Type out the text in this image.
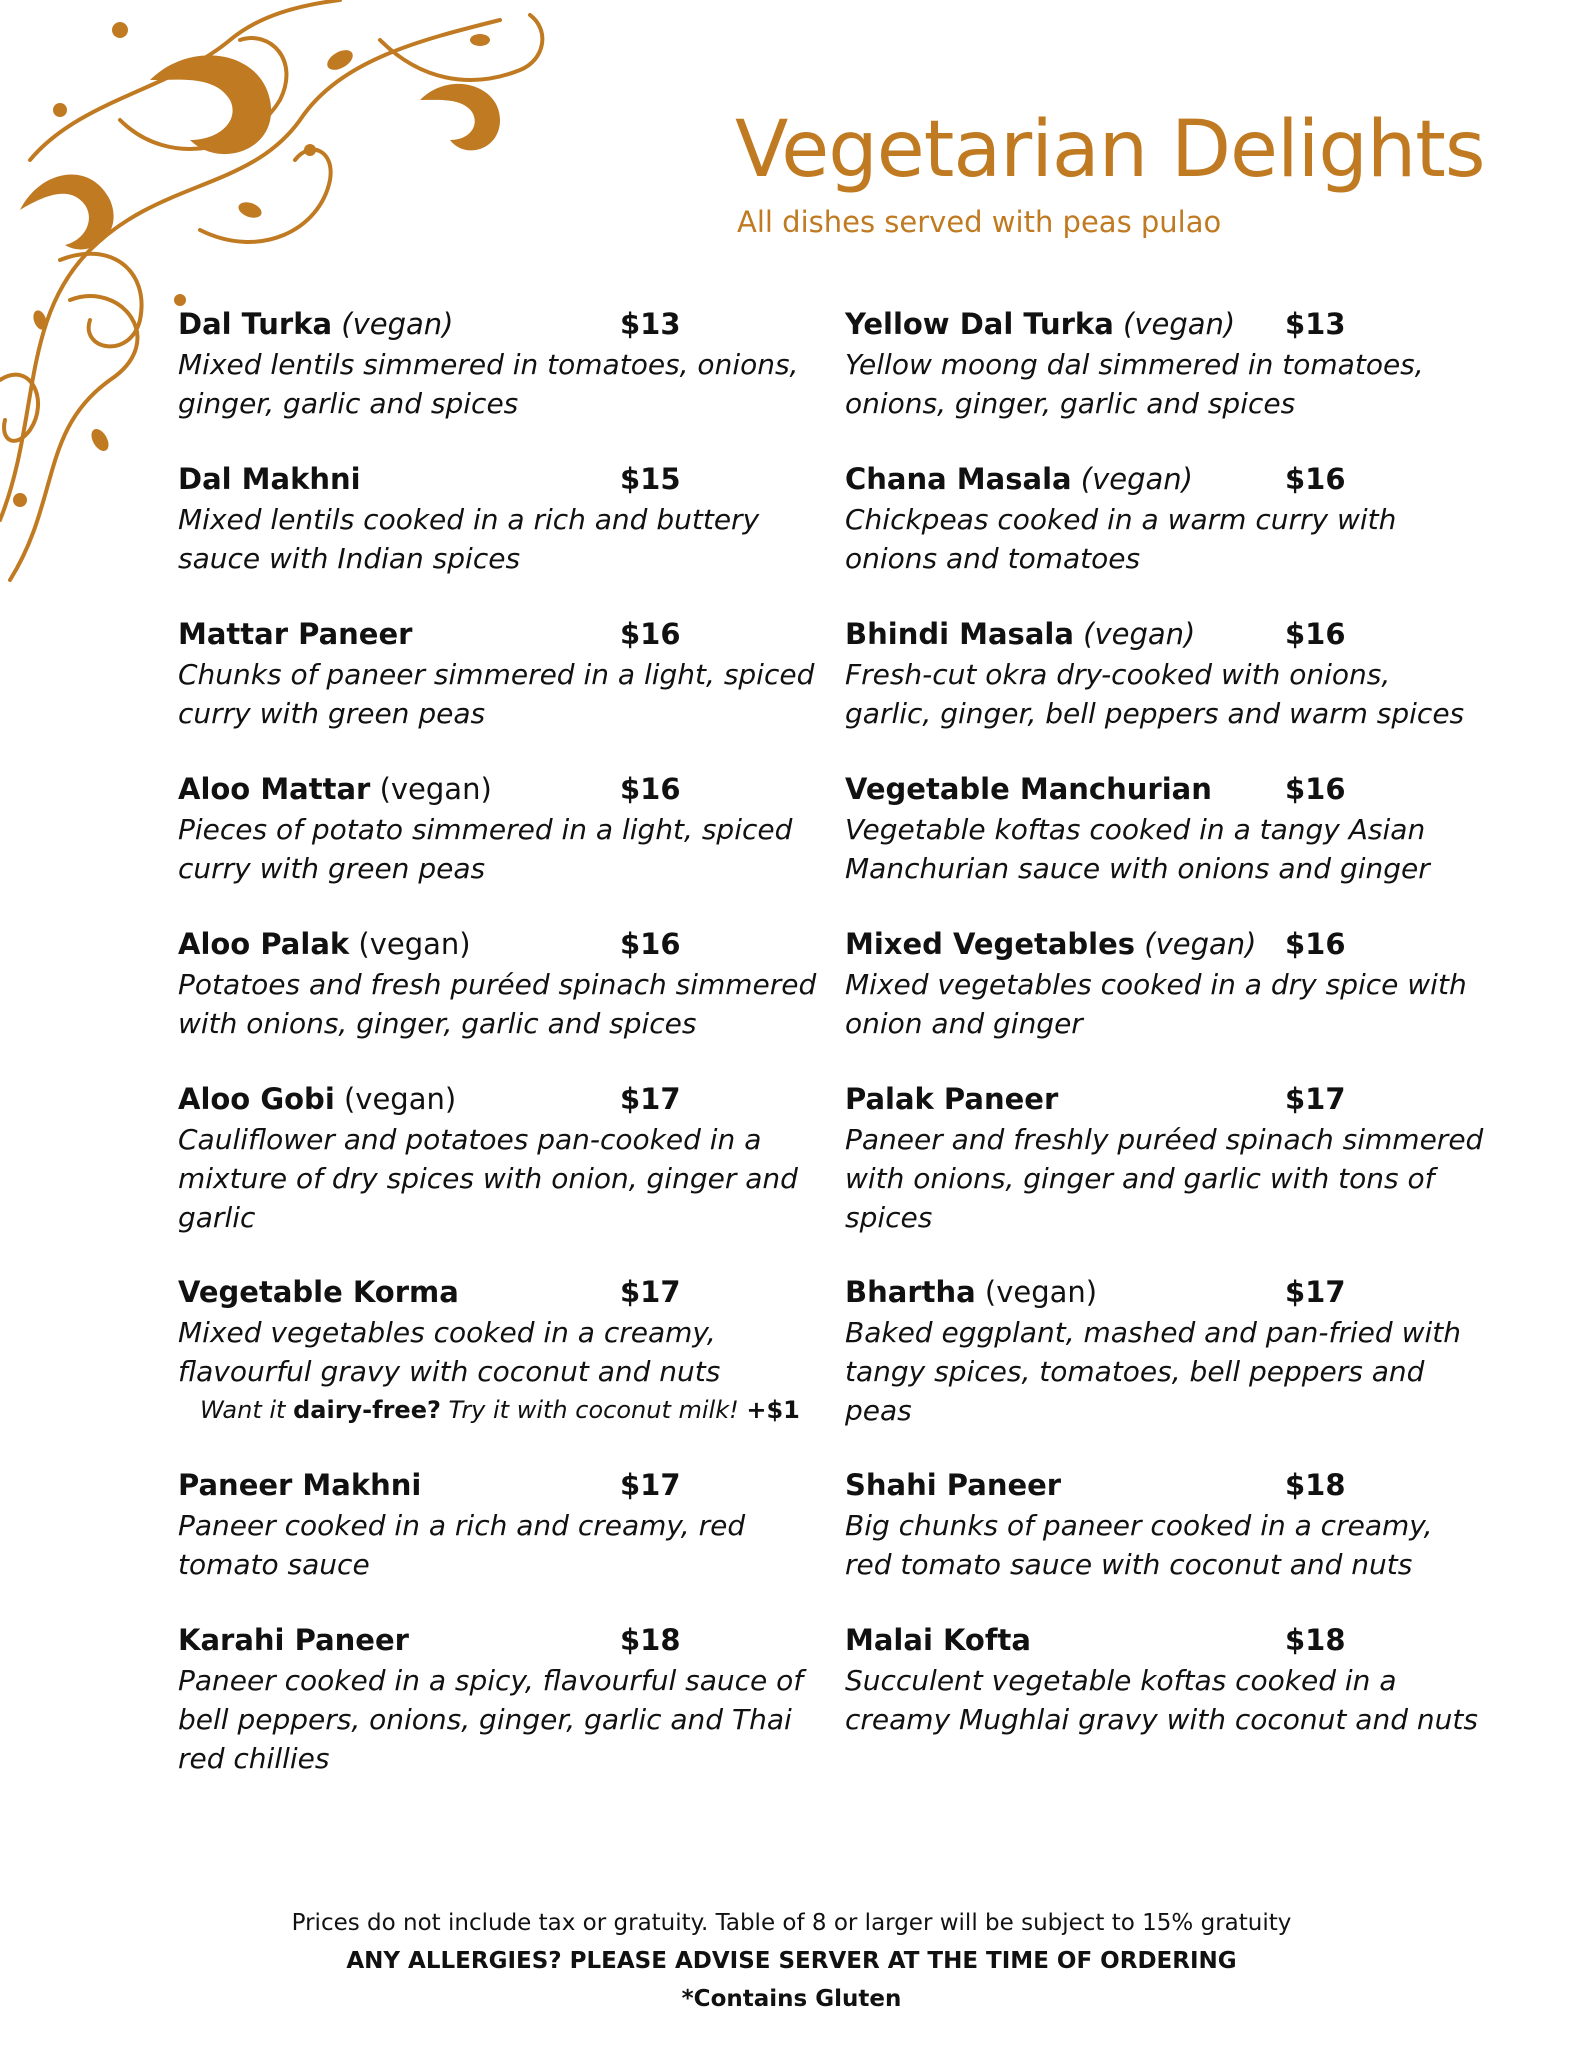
Vegetarian Delights
All dishes served with peas pulao
Dal Turka (vegan)	$13
Mixed lentils simmered in tomatoes, onions, ginger, garlic and spices
Dal Makhni	$15
Mixed lentils cooked in a rich and buttery sauce with Indian spices
Mattar Paneer	$16
Chunks of paneer simmered in a light, spiced curry with green peas
Aloo Mattar (vegan)	$16
Pieces of potato simmered in a light, spiced curry with green peas
Aloo Palak (vegan)	$16
Potatoes and fresh puréed spinach simmered with onions, ginger, garlic and spices
Aloo Gobi (vegan)	$17
Cauliflower and potatoes pan-cooked in a mixture of dry spices with onion, ginger and garlic
Vegetable Korma	$17
Mixed vegetables cooked in a creamy, flavourful gravy with coconut and nuts
Want it dairy-free? Try it with coconut milk! +$1
Paneer Makhni	$17
Paneer cooked in a rich and creamy, red tomato sauce
Karahi Paneer	$18
Paneer cooked in a spicy, flavourful sauce of bell peppers, onions, ginger, garlic and Thai red chillies
Yellow Dal Turka (vegan) $13
Yellow moong dal simmered in tomatoes, onions, ginger, garlic and spices
Chana Masala (vegan)	$16
Chickpeas cooked in a warm curry with onions and tomatoes
Bhindi Masala (vegan)	$16
Fresh-cut okra dry-cooked with onions, garlic, ginger, bell peppers and warm spices
Vegetable Manchurian	$16
Vegetable koftas cooked in a tangy Asian Manchurian sauce with onions and ginger
Mixed Vegetables (vegan) $16
Mixed vegetables cooked in a dry spice with onion and ginger
Palak Paneer	$17
Paneer and freshly puréed spinach simmered with onions, ginger and garlic with tons of spices
Bhartha (vegan)	$17
Baked eggplant, mashed and pan-fried with tangy spices, tomatoes, bell peppers and peas
Shahi Paneer	$18
Big chunks of paneer cooked in a creamy, red tomato sauce with coconut and nuts
Malai Kofta	$18
Succulent vegetable koftas cooked in a creamy Mughlai gravy with coconut and nuts
Prices do not include tax or gratuity. Table of 8 or larger will be subject to 15% gratuity
ANY ALLERGIES? PLEASE ADVISE SERVER AT THE TIME OF ORDERING
*Contains Gluten
